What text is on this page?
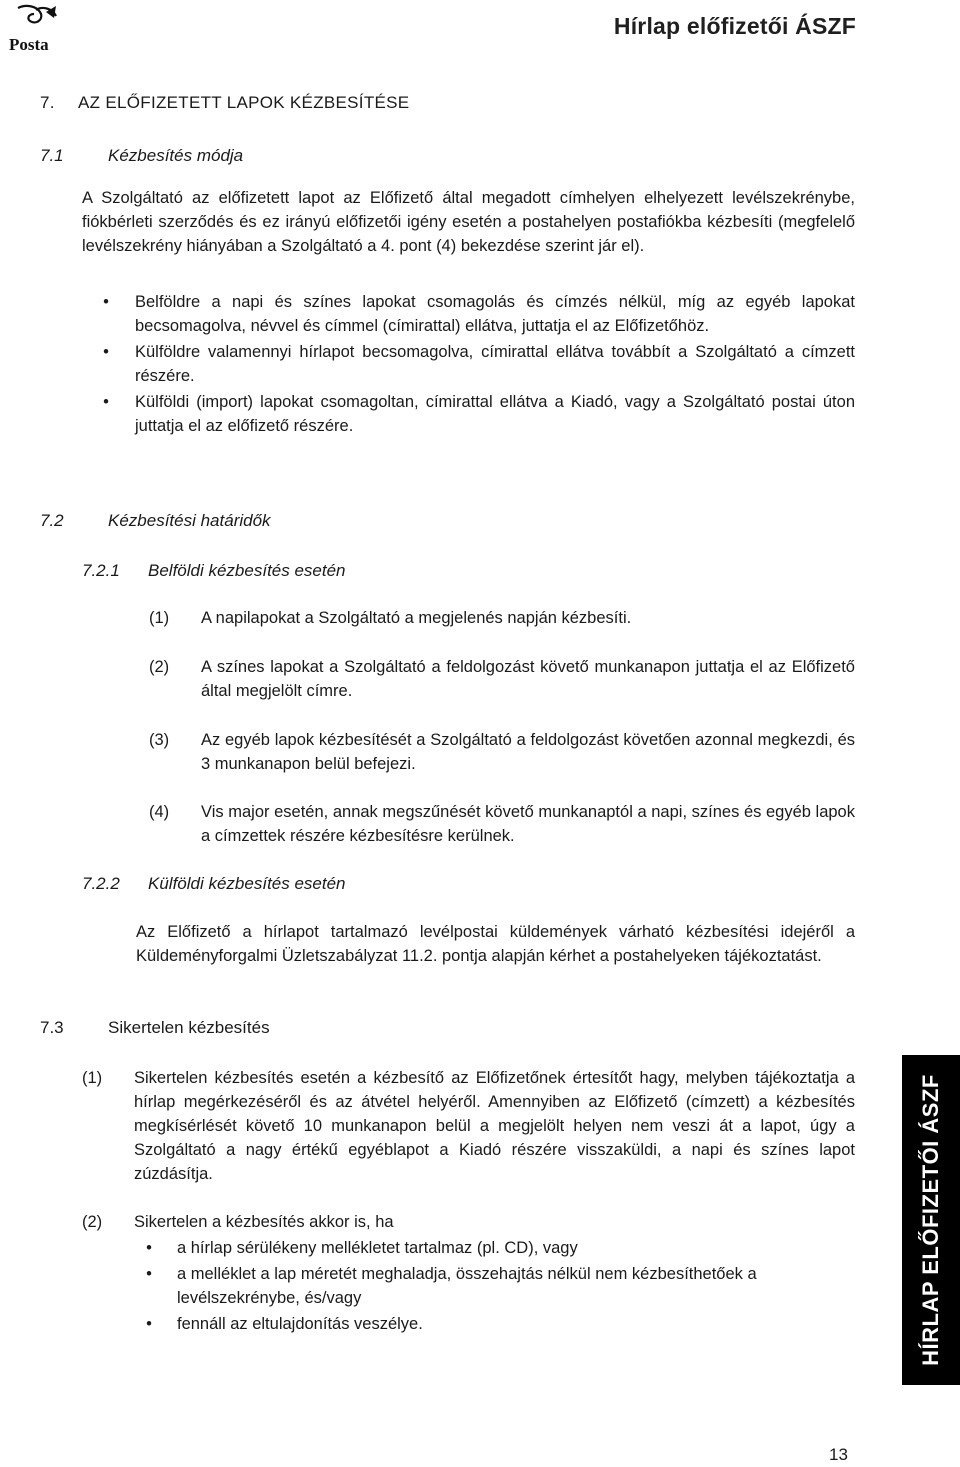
Posta
Hírlap előfizetői ÁSZF
7. AZ ELŐFIZETETT LAPOK KÉZBESÍTÉSE
7.1	Kézbesítés módja
A Szolgáltató az előfizetett lapot az Előfizető által megadott címhelyen elhelyezett levélszekrénybe, fiókbérleti szerződés és ez irányú előfizetői igény esetén a postahelyen postafiókba kézbesíti (megfelelő levélszekrény hiányában a Szolgáltató a 4. pont (4) bekezdése szerint jár el).
• Belföldre a napi és színes lapokat csomagolás és címzés nélkül, míg az egyéb lapokat becsomagolva, névvel és címmel (címirattal) ellátva, juttatja el az Előfizetőhöz.
• Külföldre valamennyi hírlapot becsomagolva, címirattal ellátva továbbít a Szolgáltató a címzett részére.
• Külföldi (import) lapokat csomagoltan, címirattal ellátva a Kiadó, vagy a Szolgáltató postai úton juttatja el az előfizető részére.
7.2	Kézbesítési határidők
7.2.1 Belföldi kézbesítés esetén
(1) A napilapokat a Szolgáltató a megjelenés napján kézbesíti.
(2) A színes lapokat a Szolgáltató a feldolgozást követő munkanapon juttatja el az Előfizető által megjelölt címre.
(3) Az egyéb lapok kézbesítését a Szolgáltató a feldolgozást követően azonnal megkezdi, és 3 munkanapon belül befejezi.
(4) Vis major esetén, annak megszűnését követő munkanaptól a napi, színes és egyéb lapok a címzettek részére kézbesítésre kerülnek.
7.2.2 Külföldi kézbesítés esetén
Az Előfizető a hírlapot tartalmazó levélpostai küldemények várható kézbesítési idejéről a Küldeményforgalmi Üzletszabályzat 11.2. pontja alapján kérhet a postahelyeken tájékoztatást.
7.3	Sikertelen kézbesítés
(1) Sikertelen kézbesítés esetén a kézbesítő az Előfizetőnek értesítőt hagy, melyben tájékoztatja a hírlap megérkezéséről és az átvétel helyéről. Amennyiben az Előfizető (címzett) a kézbesítés megkísérlését követő 10 munkanapon belül a megjelölt helyen nem veszi át a lapot, úgy a Szolgáltató a nagy értékű egyéblapot a Kiadó részére visszaküldi, a napi és színes lapot zúzdásítja.
(2) Sikertelen a kézbesítés akkor is, ha
• a hírlap sérülékeny mellékletet tartalmaz (pl. CD), vagy
• a melléklet a lap méretét meghaladja, összehajtás nélkül nem kézbesíthetőek a levélszekrénybe, és/vagy
• fennáll az eltulajdonítás veszélye.	HÍRLAP ELŐFIZETŐI ÁSZF
13
